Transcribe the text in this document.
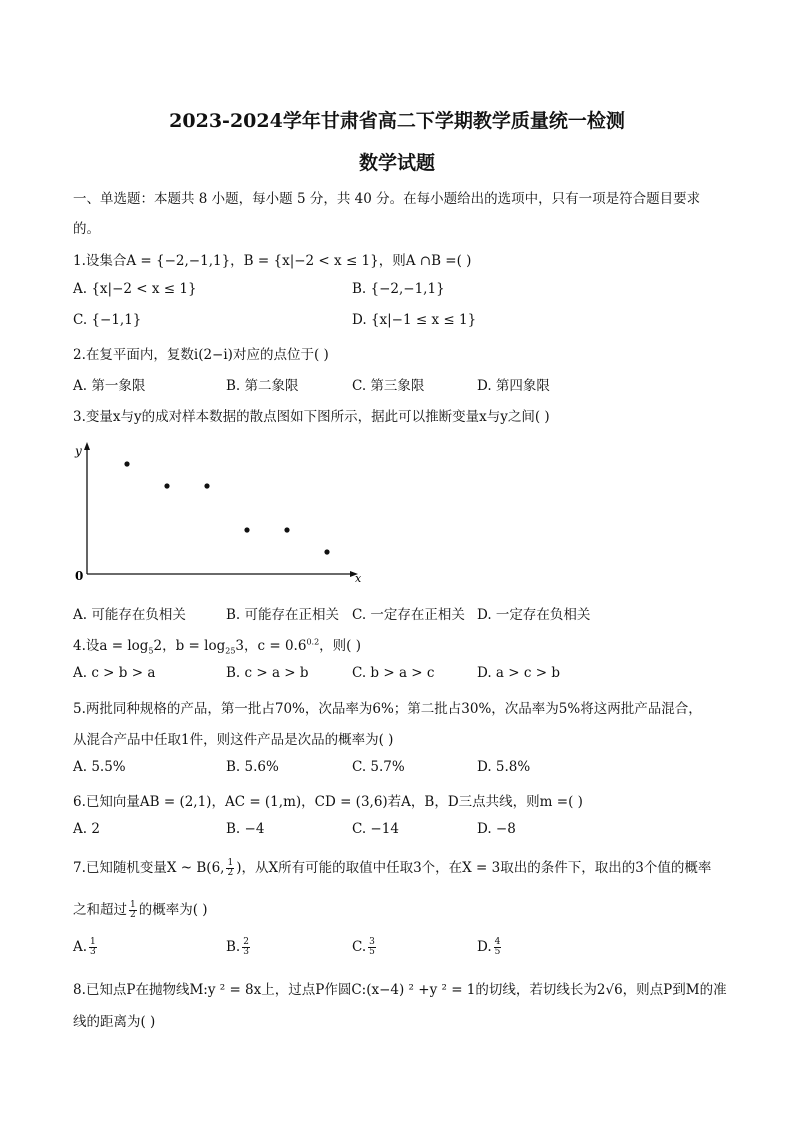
2023-2024学年甘肃省高二下学期教学质量统一检测
数学试题
一、单选题：本题共 8 小题，每小题 5 分，共 40 分。在每小题给出的选项中，只有一项是符合题目要求
的。
1.设集合A = {−2,−1,1}，B = {x|−2 < x ≤ 1}，则A ∩B =( )
A. {x|−2 < x ≤ 1}	B. {−2,−1,1}
C. {−1,1}	D. {x|−1 ≤ x ≤ 1}
2.在复平面内，复数i(2−i)对应的点位于( )
A. 第一象限	B. 第二象限	C. 第三象限	D. 第四象限
3.变量x与y的成对样本数据的散点图如下图所示，据此可以推断变量x与y之间( )
y
x
0
A. 可能存在负相关	B. 可能存在正相关 C. 一定存在正相关 D. 一定存在负相关
4.设$a = \log_52$，$b = \log_{25}3$，$c = 0.6^{0.2}$，则( )
A. c > b > a	B. c > a > b	C. b > a > c	D. a > c > b
5.两批同种规格的产品，第一批占70%，次品率为6%；第二批占30%，次品率为5%将这两批产品混合，
从混合产品中任取1件，则这件产品是次品的概率为( )
A. 5.5%	B. 5.6%	C. 5.7%	D. 5.8%
6.已知向量AB = (2,1)，AC = (1,m)，CD = (3,6)若A，B，D三点共线，则m =( )
A. 2	B. −4	C. −14	D. −8
7.已知随机变量X ~ B(6, $\frac{1}{2}$ )，从X所有可能的取值中任取3个，在X = 3取出的条件下，取出的3个值的概率
之和超过 $\frac{1}{2}$ 的概率为( )
A. $\frac{1}{3}$	B. $\frac{2}{3}$	C. $\frac{3}{5}$	D. $\frac{4}{5}$
8.已知点P在抛物线M:y ² = 8x上，过点P作圆C:(x−4) ² +y ² = 1的切线，若切线长为2√6，则点P到M的准
线的距离为( )
